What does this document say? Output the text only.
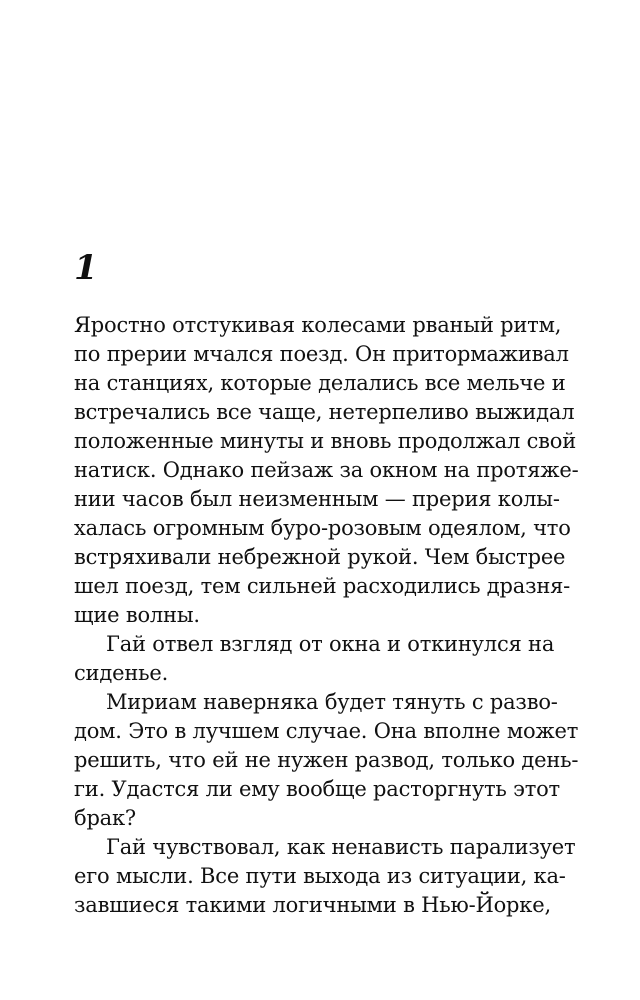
1
Яростно отстукивая колесами рваный ритм,
по прерии мчался поезд. Он притормаживал
на станциях, которые делались все мельче и
встречались все чаще, нетерпеливо выжидал
положенные минуты и вновь продолжал свой
натиск. Однако пейзаж за окном на протяже-
нии часов был неизменным — прерия колы-
халась огромным буро-розовым одеялом, что
встряхивали небрежной рукой. Чем быстрее
шел поезд, тем сильней расходились дразня-
щие волны.
Гай отвел взгляд от окна и откинулся на
сиденье.
Мириам наверняка будет тянуть с разво-
дом. Это в лучшем случае. Она вполне может
решить, что ей не нужен развод, только день-
ги. Удастся ли ему вообще расторгнуть этот
брак?
Гай чувствовал, как ненависть парализует
его мысли. Все пути выхода из ситуации, ка-
завшиеся такими логичными в Нью-Йорке,
